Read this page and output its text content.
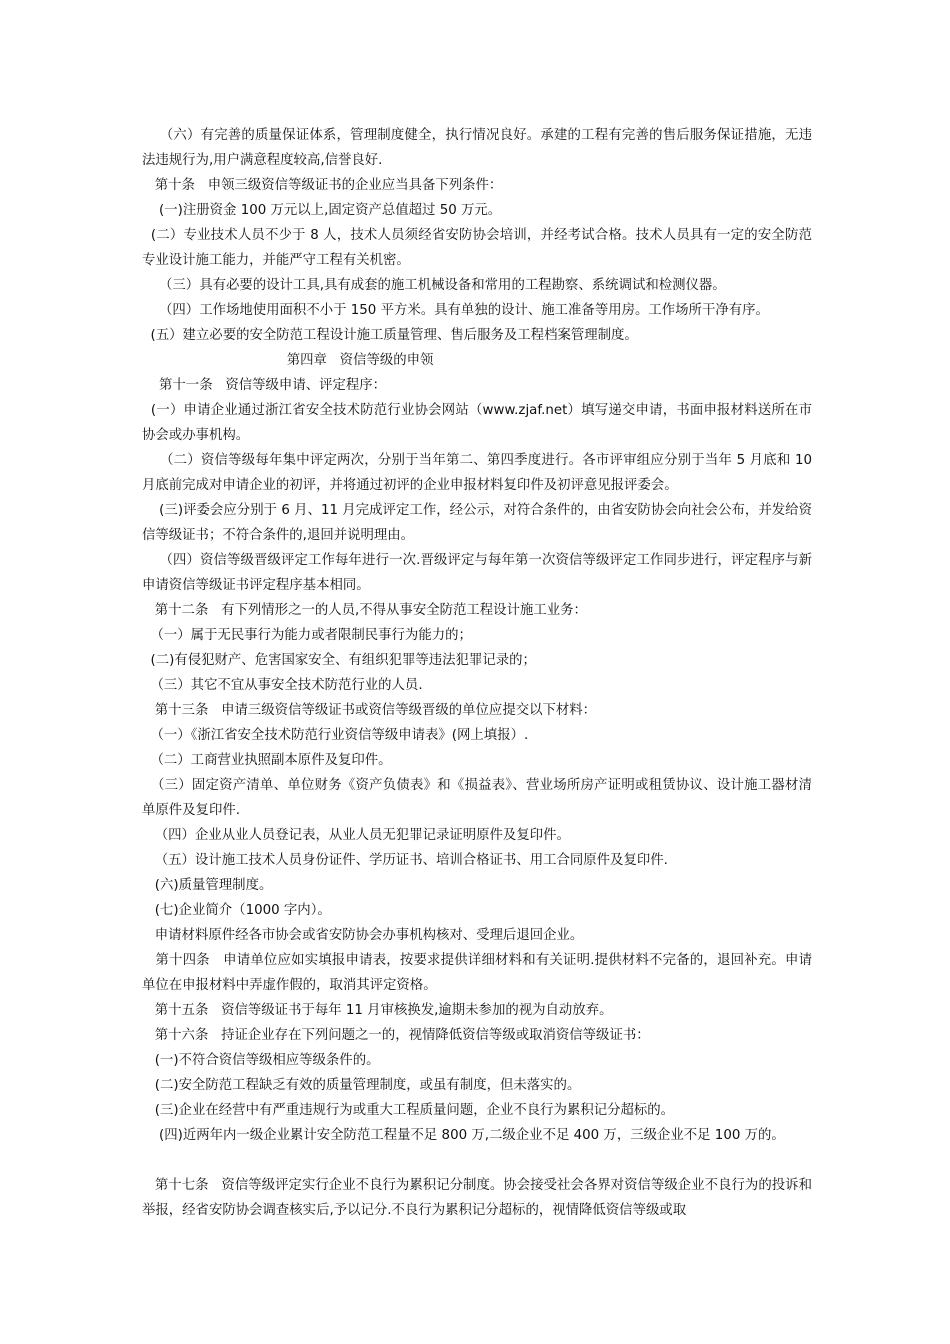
（六）有完善的质量保证体系，管理制度健全，执行情况良好。承建的工程有完善的售后服务保证措施，无违法违规行为,用户满意程度较高,信誉良好.

第十条   申领三级资信等级证书的企业应当具备下列条件：

(一)注册资金 100 万元以上,固定资产总值超过 50 万元。

(二）专业技术人员不少于 8 人，技术人员须经省安防协会培训，并经考试合格。技术人员具有一定的安全防范专业设计施工能力，并能严守工程有关机密。

（三）具有必要的设计工具,具有成套的施工机械设备和常用的工程勘察、系统调试和检测仪器。

（四）工作场地使用面积不小于 150 平方米。具有单独的设计、施工准备等用房。工作场所干净有序。

(五）建立必要的安全防范工程设计施工质量管理、售后服务及工程档案管理制度。

第四章   资信等级的申领

第十一条   资信等级申请、评定程序：

(一）申请企业通过浙江省安全技术防范行业协会网站（www.zjaf.net）填写递交申请，书面申报材料送所在市协会或办事机构。

（二）资信等级每年集中评定两次，分别于当年第二、第四季度进行。各市评审组应分别于当年 5 月底和 10 月底前完成对申请企业的初评，并将通过初评的企业申报材料复印件及初评意见报评委会。

(三)评委会应分别于 6 月、11 月完成评定工作，经公示，对符合条件的，由省安防协会向社会公布，并发给资信等级证书；不符合条件的,退回并说明理由。

（四）资信等级晋级评定工作每年进行一次.晋级评定与每年第一次资信等级评定工作同步进行，评定程序与新申请资信等级证书评定程序基本相同。

第十二条   有下列情形之一的人员,不得从事安全防范工程设计施工业务：

（一）属于无民事行为能力或者限制民事行为能力的；

(二)有侵犯财产、危害国家安全、有组织犯罪等违法犯罪记录的；

（三）其它不宜从事安全技术防范行业的人员.

第十三条   申请三级资信等级证书或资信等级晋级的单位应提交以下材料：

（一）《浙江省安全技术防范行业资信等级申请表》(网上填报）.

（二）工商营业执照副本原件及复印件。

（三）固定资产清单、单位财务《资产负债表》和《损益表》、营业场所房产证明或租赁协议、设计施工器材清单原件及复印件.

（四）企业从业人员登记表，从业人员无犯罪记录证明原件及复印件。

（五）设计施工技术人员身份证件、学历证书、培训合格证书、用工合同原件及复印件.

(六)质量管理制度。

(七)企业简介（1000 字内）。

申请材料原件经各市协会或省安防协会办事机构核对、受理后退回企业。

第十四条   申请单位应如实填报申请表，按要求提供详细材料和有关证明.提供材料不完备的，退回补充。申请单位在申报材料中弄虚作假的，取消其评定资格。

第十五条   资信等级证书于每年 11 月审核换发,逾期未参加的视为自动放弃。

第十六条   持证企业存在下列问题之一的，视情降低资信等级或取消资信等级证书：

(一)不符合资信等级相应等级条件的。

(二)安全防范工程缺乏有效的质量管理制度，或虽有制度，但未落实的。

(三)企业在经营中有严重违规行为或重大工程质量问题，企业不良行为累积记分超标的。

(四)近两年内一级企业累计安全防范工程量不足 800 万,二级企业不足 400 万，三级企业不足 100 万的。

第十七条   资信等级评定实行企业不良行为累积记分制度。协会接受社会各界对资信等级企业不良行为的投诉和举报，经省安防协会调查核实后,予以记分.不良行为累积记分超标的，视情降低资信等级或取
